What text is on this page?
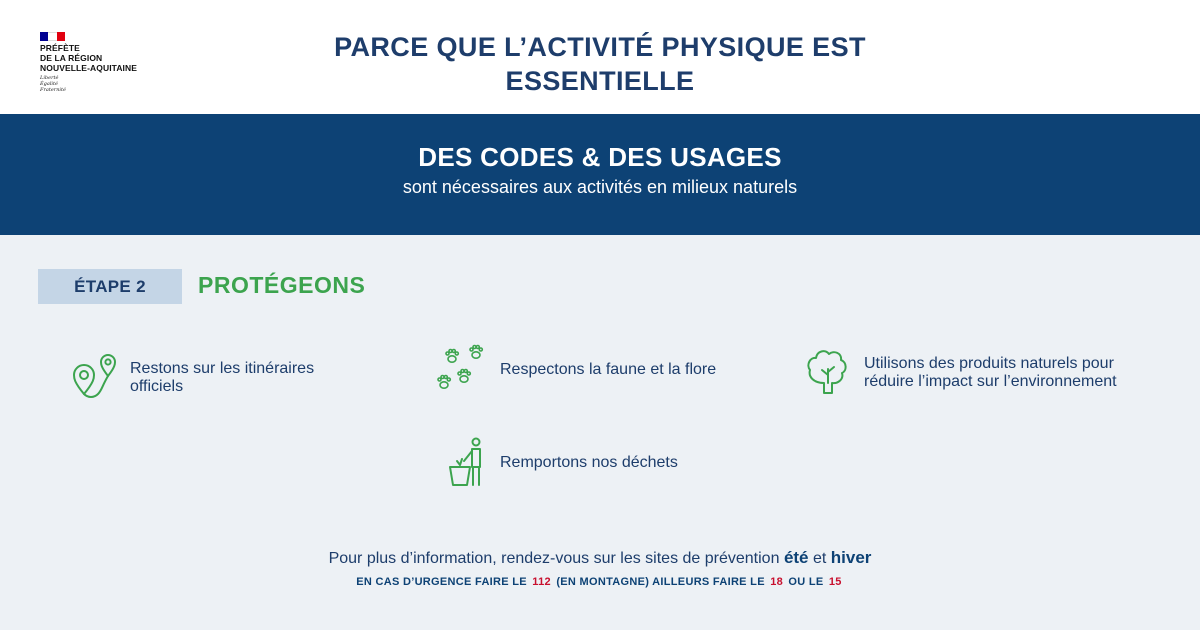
PRÉFÈTE
DE LA RÉGION
NOUVELLE-AQUITAINE
Liberté
Égalité
Fraternité
PARCE QUE L’ACTIVITÉ PHYSIQUE EST
ESSENTIELLE
DES CODES & DES USAGES
sont nécessaires aux activités en milieux naturels
ÉTAPE 2	PROTÉGEONS
Restons sur les itinéraires
officiels
Respectons la faune et la flore	Utilisons des produits naturels pour
réduire l’impact sur l’environnement
Remportons nos déchets
Pour plus d’information, rendez-vous sur les sites de prévention été et hiver
EN CAS D’URGENCE FAIRE LE 112 (EN MONTAGNE) AILLEURS FAIRE LE 18 OU LE 15
